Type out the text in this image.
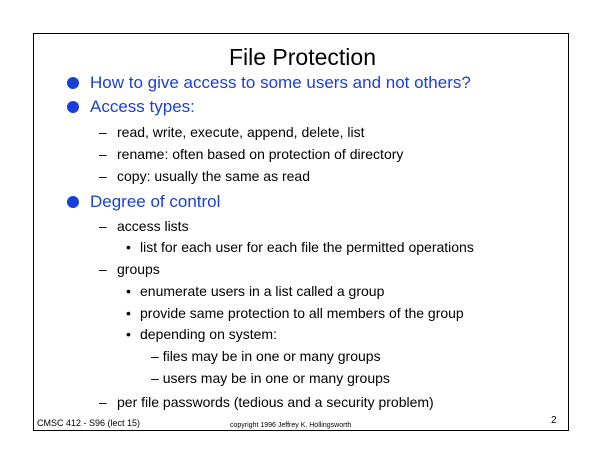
File Protection
How to give access to some users and not others?
Access types:
– read, write, execute, append, delete, list
– rename: often based on protection of directory
– copy: usually the same as read
Degree of control
– access lists
• list for each user for each file the permitted operations
– groups
• enumerate users in a list called a group
• provide same protection to all members of the group
• depending on system:
– files may be in one or many groups
– users may be in one or many groups
– per file passwords (tedious and a security problem)
CMSC 412 - S96 (lect 15)	copyright 1996 Jeffrey K. Hollingsworth	2
